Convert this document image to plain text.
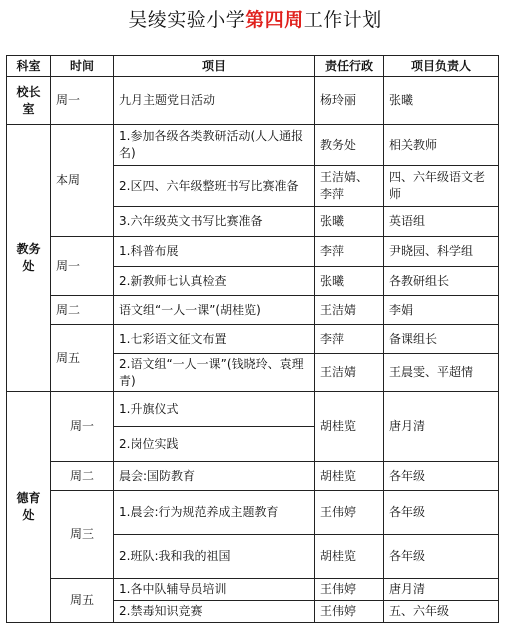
吴绫实验小学第四周工作计划
科室	时间	项目	责任行政	项目负责人
校长室	周一	九月主题党日活动	杨玲丽	张曦
教务处	本周	1.参加各级各类教研活动(人人通报名)	教务处	相关教师
		2.区四、六年级整班书写比赛准备	王洁婧、李萍	四、六年级语文老师
		3.六年级英文书写比赛准备	张曦	英语组
	周一	1.科普布展	李萍	尹晓园、科学组
		2.新教师七认真检查	张曦	各教研组长
	周二	语文组“一人一课”(胡桂览)	王洁婧	李娟
	周五	1.七彩语文征文布置	李萍	备课组长
		2.语文组“一人一课”(钱晓玲、袁理青)	王洁婧	王晨雯、平超情
德育处	周一	1.升旗仪式	胡桂览	唐月清
		2.岗位实践		
	周二	晨会:国防教育	胡桂览	各年级
	周三	1.晨会:行为规范养成主题教育	王伟婷	各年级
		2.班队:我和我的祖国	胡桂览	各年级
	周五	1.各中队辅导员培训	王伟婷	唐月清
		2.禁毒知识竞赛	王伟婷	五、六年级
